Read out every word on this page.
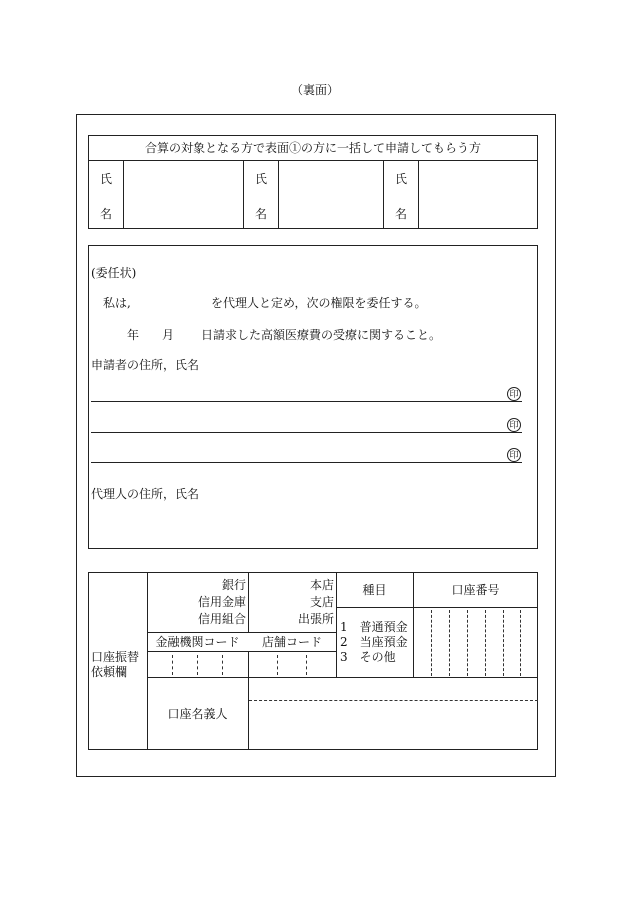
（裏面）
合算の対象となる方で表面①の方に一括して申請してもらう方
氏
名
氏
名
氏
名
(委任状)
私は,	を代理人と定め，次の権限を委任する。
年 月 日請求した高額医療費の受療に関すること。
申請者の住所，氏名
印
印
印
代理人の住所，氏名
口座振替
依頼欄
銀行
信用金庫
信用組合
本店
支店
出張所
金融機関コード	店舗コード
種目
1　普通預金
2　当座預金
3　その他
口座番号
口座名義人
